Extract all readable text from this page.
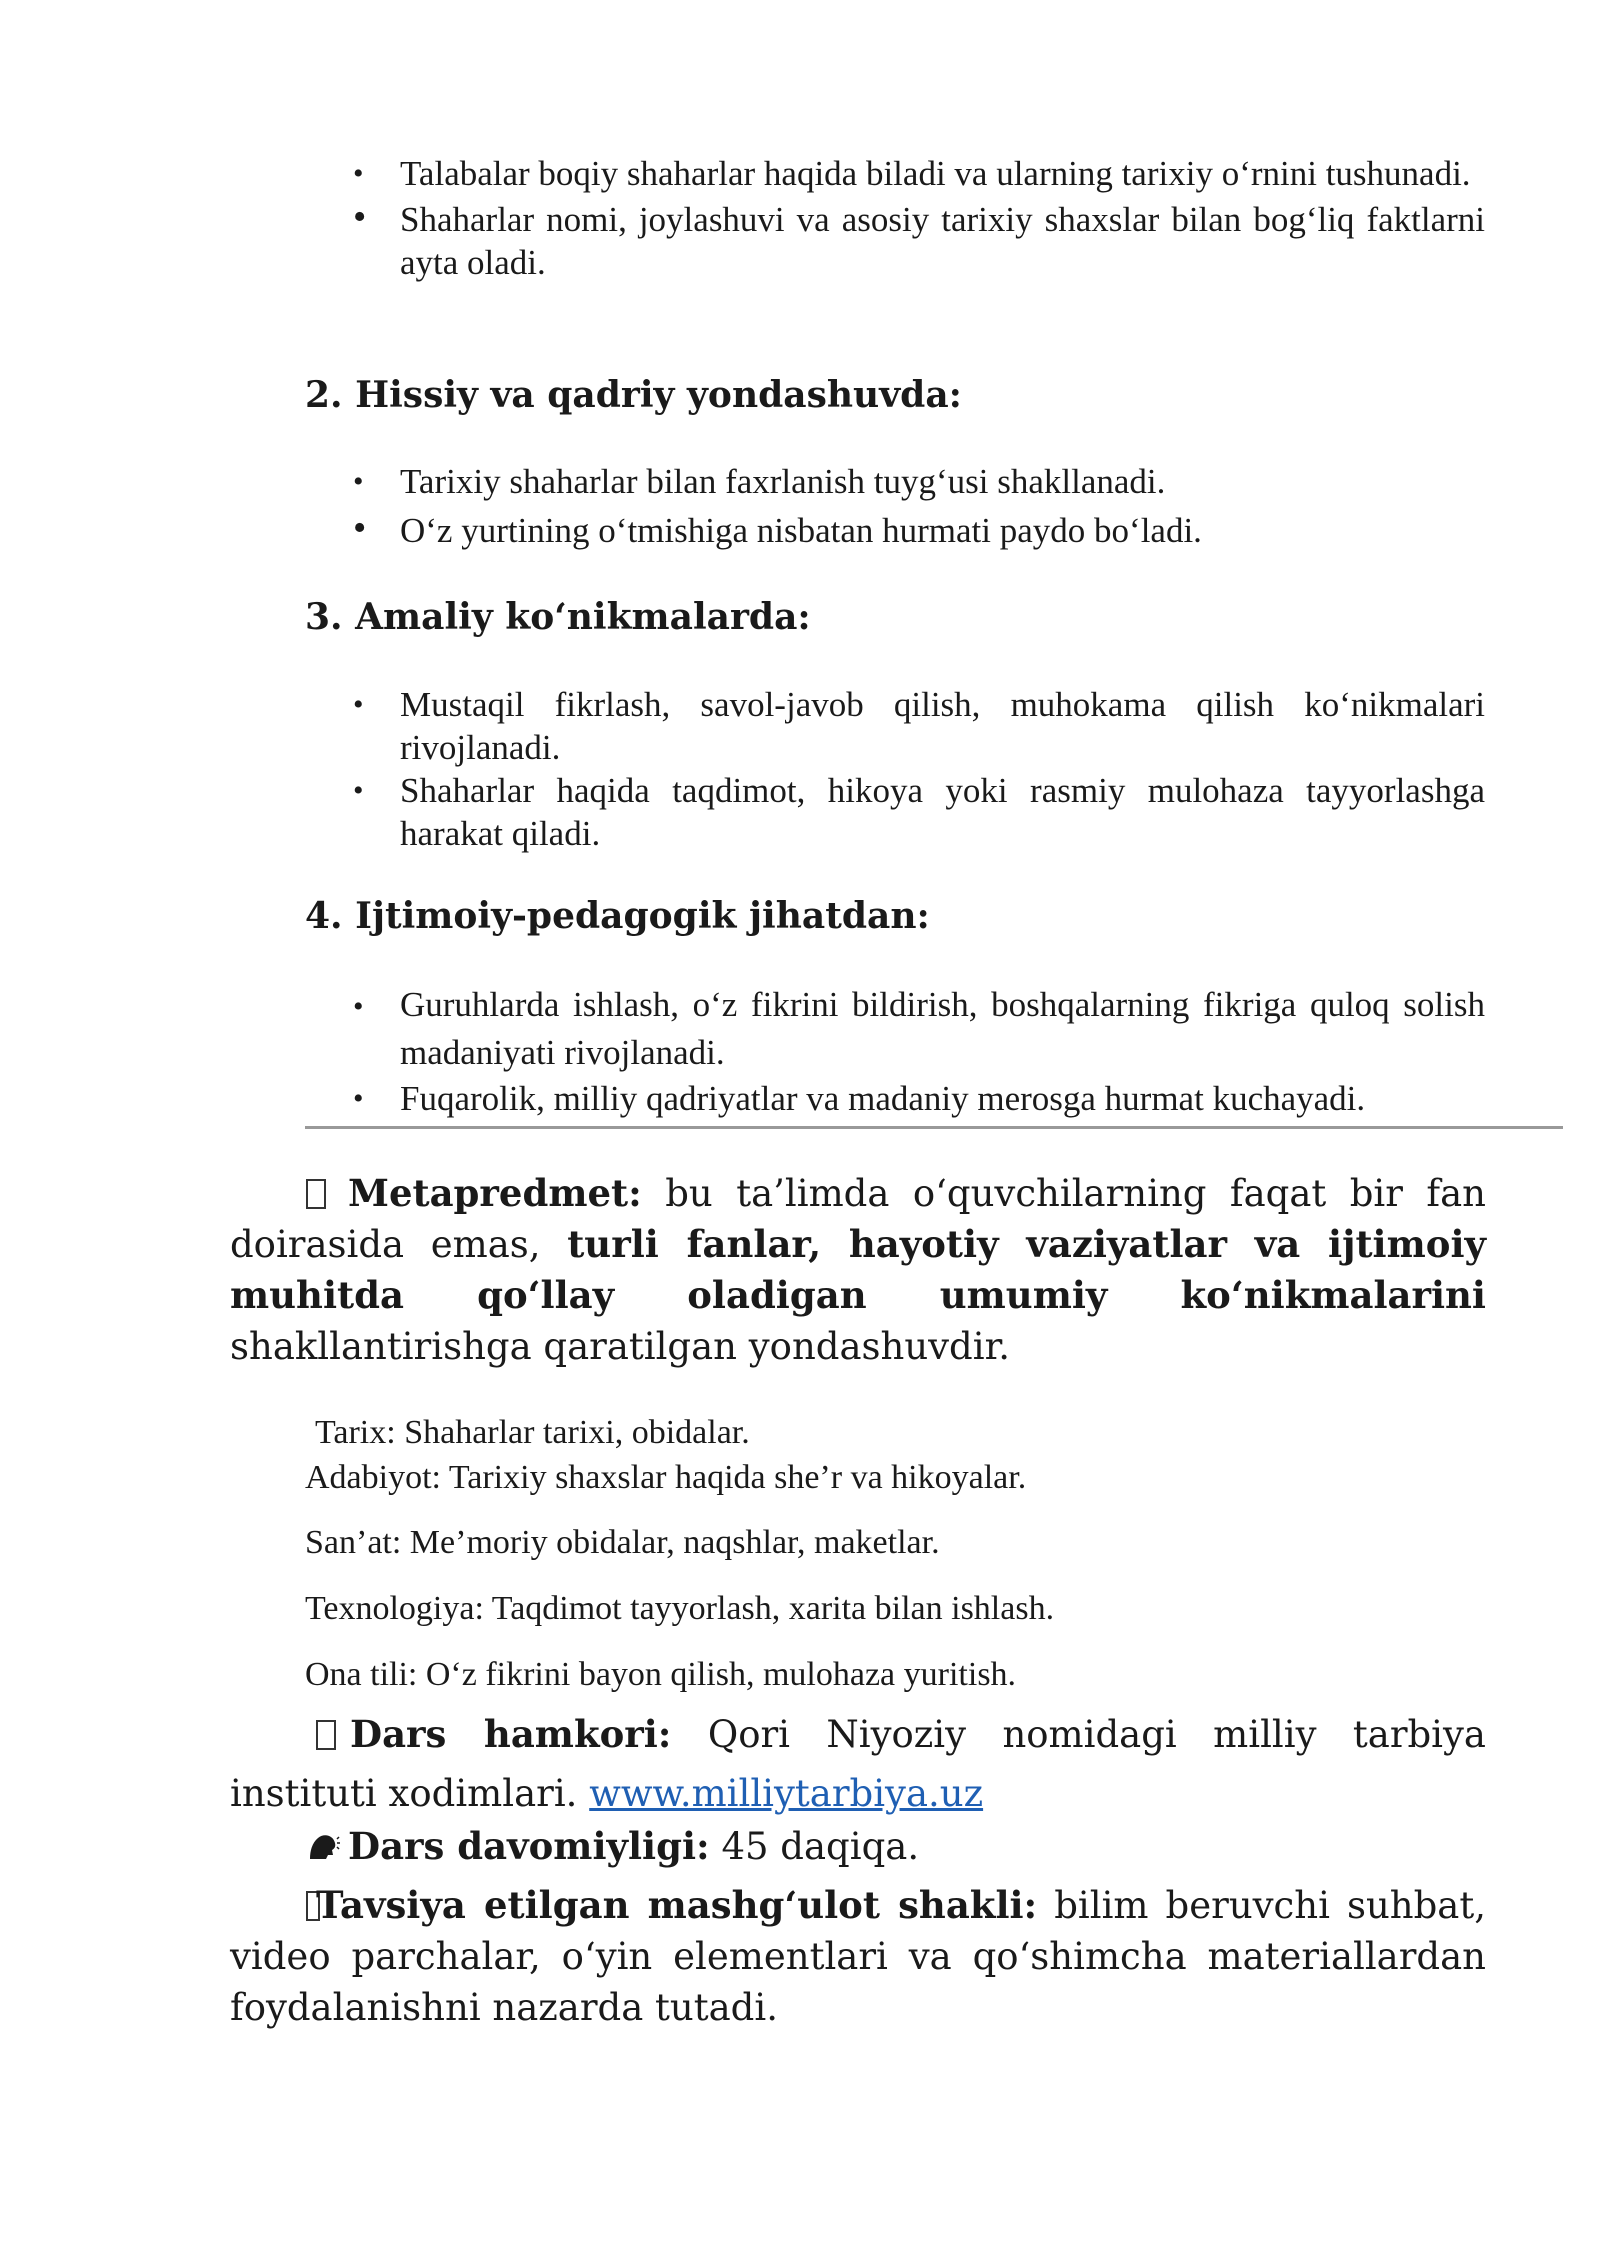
• Talabalar boqiy shaharlar haqida biladi va ularning tarixiy o‘rnini tushunadi.
• Shaharlar nomi, joylashuvi va asosiy tarixiy shaxslar bilan bog‘liq faktlarni ayta oladi.
2. Hissiy va qadriy yondashuvda:
• Tarixiy shaharlar bilan faxrlanish tuyg‘usi shakllanadi.
• O‘z yurtining o‘tmishiga nisbatan hurmati paydo bo‘ladi.
3. Amaliy ko‘nikmalarda:
• Mustaqil fikrlash, savol-javob qilish, muhokama qilish ko‘nikmalari rivojlanadi.
• Shaharlar haqida taqdimot, hikoya yoki rasmiy mulohaza tayyorlashga harakat qiladi.
4. Ijtimoiy-pedagogik jihatdan:
• Guruhlarda ishlash, o‘z fikrini bildirish, boshqalarning fikriga quloq solish madaniyati rivojlanadi.
• Fuqarolik, milliy qadriyatlar va madaniy merosga hurmat kuchayadi.
Metapredmet: bu ta’limda o‘quvchilarning faqat bir fan doirasida emas, turli fanlar, hayotiy vaziyatlar va ijtimoiy muhitda qo‘llay oladigan umumiy ko‘nikmalarini shakllantirishga qaratilgan yondashuvdir.
Tarix: Shaharlar tarixi, obidalar.
Adabiyot: Tarixiy shaxslar haqida she’r va hikoyalar.
San’at: Me’moriy obidalar, naqshlar, maketlar.
Texnologiya: Taqdimot tayyorlash, xarita bilan ishlash.
Ona tili: O‘z fikrini bayon qilish, mulohaza yuritish.
Dars hamkori: Qori Niyoziy nomidagi milliy tarbiya instituti xodimlari. www.milliytarbiya.uz
Dars davomiyligi: 45 daqiqa.
Tavsiya etilgan mashg‘ulot shakli: bilim beruvchi suhbat, video parchalar, o‘yin elementlari va qo‘shimcha materiallardan foydalanishni nazarda tutadi.
